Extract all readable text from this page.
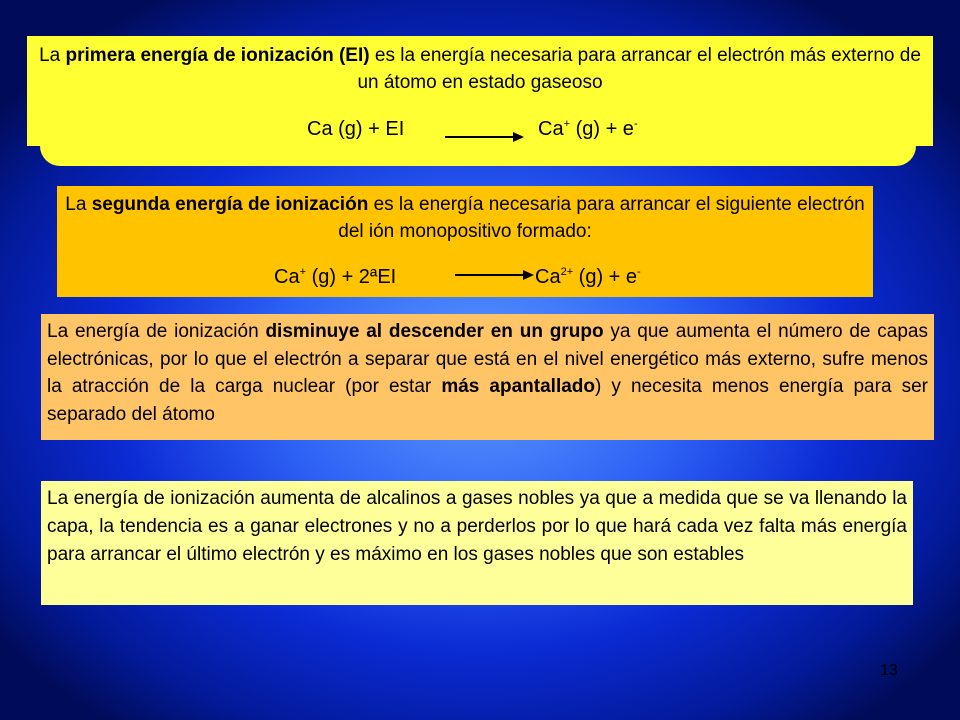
La primera energía de ionización (EI) es la energía necesaria para arrancar el electrón más externo de un átomo en estado gaseoso
Ca (g) + EI	Ca+ (g) + e-
La segunda energía de ionización es la energía necesaria para arrancar el siguiente electrón del ión monopositivo formado:
Ca+ (g) + 2ªEI	$Ca^{2+}$ (g) + e-
La energía de ionización disminuye al descender en un grupo ya que aumenta el número de capas electrónicas, por lo que el electrón a separar que está en el nivel energético más externo, sufre menos la atracción de la carga nuclear (por estar más apantallado) y necesita menos energía para ser separado del átomo
La energía de ionización aumenta de alcalinos a gases nobles ya que a medida que se va llenando la capa, la tendencia es a ganar electrones y no a perderlos por lo que hará cada vez falta más energía para arrancar el último electrón y es máximo en los gases nobles que son estables
13
